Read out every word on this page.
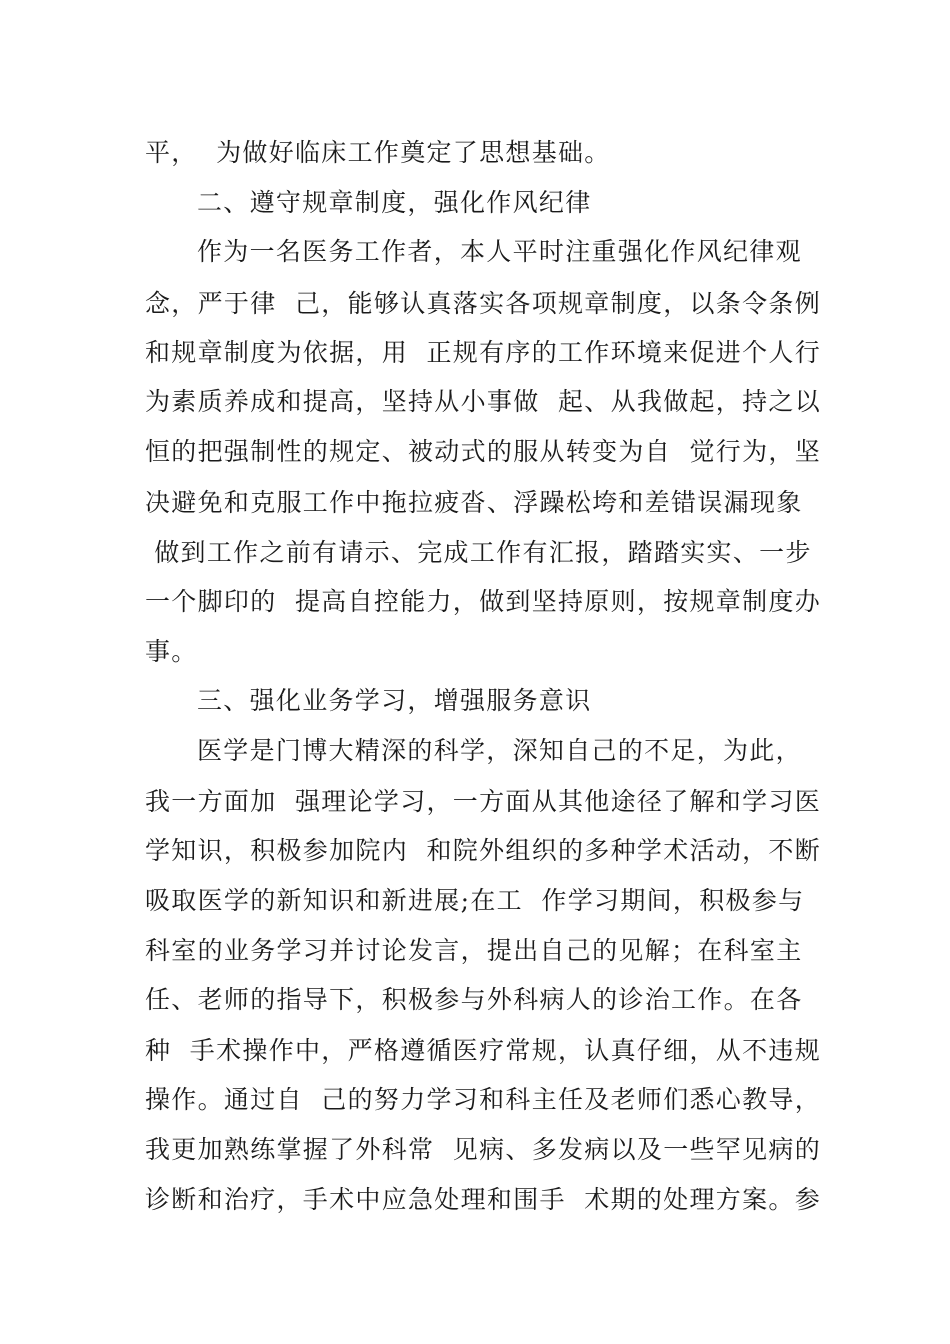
平，  为做好临床工作奠定了思想基础。
二、遵守规章制度，强化作风纪律
作为一名医务工作者，本人平时注重强化作风纪律观
念，严于律  己，能够认真落实各项规章制度，以条令条例
和规章制度为依据，用  正规有序的工作环境来促进个人行
为素质养成和提高，坚持从小事做  起、从我做起，持之以
恒的把强制性的规定、被动式的服从转变为自  觉行为，坚
决避免和克服工作中拖拉疲沓、浮躁松垮和差错误漏现象
做到工作之前有请示、完成工作有汇报，踏踏实实、一步
一个脚印的  提高自控能力，做到坚持原则，按规章制度办
事。
三、强化业务学习，增强服务意识
医学是门博大精深的科学，深知自己的不足，为此，
我一方面加  强理论学习，一方面从其他途径了解和学习医
学知识，积极参加院内  和院外组织的多种学术活动，不断
吸取医学的新知识和新进展;在工  作学习期间，积极参与
科室的业务学习并讨论发言，提出自己的见解；在科室主
任、老师的指导下，积极参与外科病人的诊治工作。在各
种  手术操作中，严格遵循医疗常规，认真仔细，从不违规
操作。通过自  己的努力学习和科主任及老师们悉心教导，
我更加熟练掌握了外科常  见病、多发病以及一些罕见病的
诊断和治疗，手术中应急处理和围手  术期的处理方案。参
